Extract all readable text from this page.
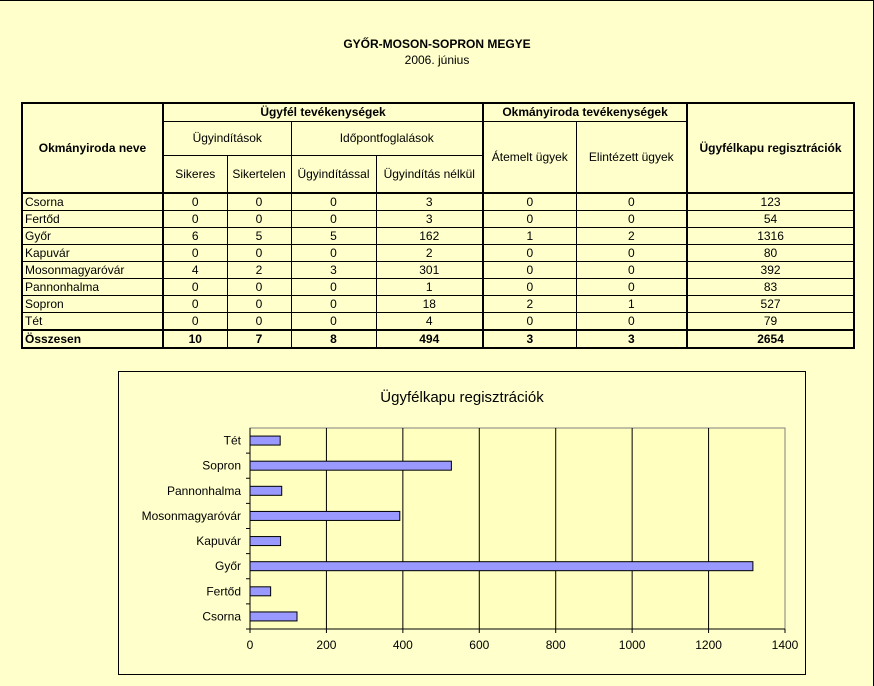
GYŐR-MOSON-SOPRON MEGYE
2006. június
Okmányiroda neve	Ügyfél tevékenységek				Okmányiroda tevékenységek		Ügyfélkapu regisztrációk
	Ügyindítások		Időpontfoglalások		Átemelt ügyek	Elintézett ügyek	
	Sikeres	Sikertelen	Ügyindítással	Ügyindítás nélkül			
Csorna	0	0	0	3	0	0	123
Fertőd	0	0	0	3	0	0	54
Győr	6	5	5	162	1	2	1316
Kapuvár	0	0	0	2	0	0	80
Mosonmagyaróvár	4	2	3	301	0	0	392
Pannonhalma	0	0	0	1	0	0	83
Sopron	0	0	0	18	2	1	527
Tét	0	0	0	4	0	0	79
Összesen	10	7	8	494	3	3	2654
Ügyfélkapu regisztrációk
0	200	400	600	800	1000	1200	1400
Csorna
Fertőd
Győr
Kapuvár
Mosonmagyaróvár
Pannonhalma
Sopron
Tét
